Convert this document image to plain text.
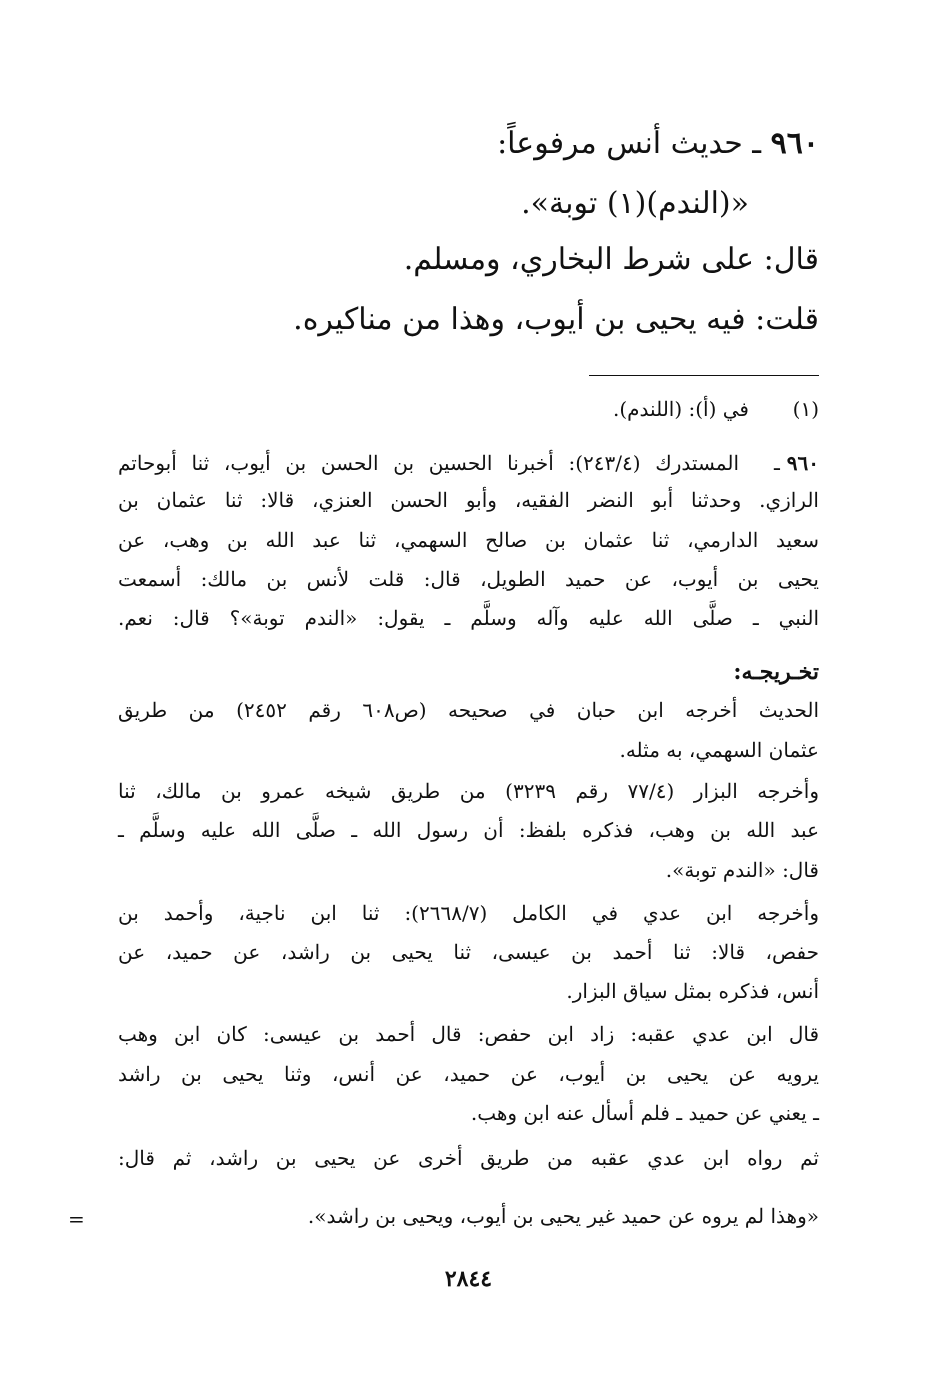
٩٦٠ ـ حديث أنس مرفوعاً:
«(الندم)(١) توبة».
قال: على شرط البخاري، ومسلم.
قلت: فيه يحيى بن أيوب، وهذا من مناكيره.
(١)
في (أ): (اللندم).
٩٦٠ ـ
المستدرك (٢٤٣/٤): أخبرنا الحسين بن الحسن بن أيوب، ثنا أبوحاتم
الرازي. وحدثنا أبو النضر الفقيه، وأبو الحسن العنزي، قالا: ثنا عثمان بن
سعيد الدارمي، ثنا عثمان بن صالح السهمي، ثنا عبد الله بن وهب، عن
يحيى بن أيوب، عن حميد الطويل، قال: قلت لأنس بن مالك: أسمعت
النبي ـ صلَّى الله عليه وآله وسلَّم ـ يقول: «الندم توبة»؟ قال: نعم.
تخـريجـه:
الحديث أخرجه ابن حبان في صحيحه (ص٦٠٨ رقم ٢٤٥٢) من طريق
عثمان السهمي، به مثله.
وأخرجه البزار (٧٧/٤ رقم ٣٢٣٩) من طريق شيخه عمرو بن مالك، ثنا
عبد الله بن وهب، فذكره بلفظ: أن رسول الله ـ صلَّى الله عليه وسلَّم ـ
قال: «الندم توبة».
وأخرجه ابن عدي في الكامل (٢٦٦٨/٧): ثنا ابن ناجية، وأحمد بن
حفص، قالا: ثنا أحمد بن عيسى، ثنا يحيى بن راشد، عن حميد، عن
أنس، فذكره بمثل سياق البزار.
قال ابن عدي عقبه: زاد ابن حفص: قال أحمد بن عيسى: كان ابن وهب
يرويه عن يحيى بن أيوب، عن حميد، عن أنس، وثنا يحيى بن راشد
ـ يعني عن حميد ـ فلم أسأل عنه ابن وهب.
ثم رواه ابن عدي عقبه من طريق أخرى عن يحيى بن راشد، ثم قال:
«وهذا لم يروه عن حميد غير يحيى بن أيوب، ويحيى بن راشد».
=
٢٨٤٤
